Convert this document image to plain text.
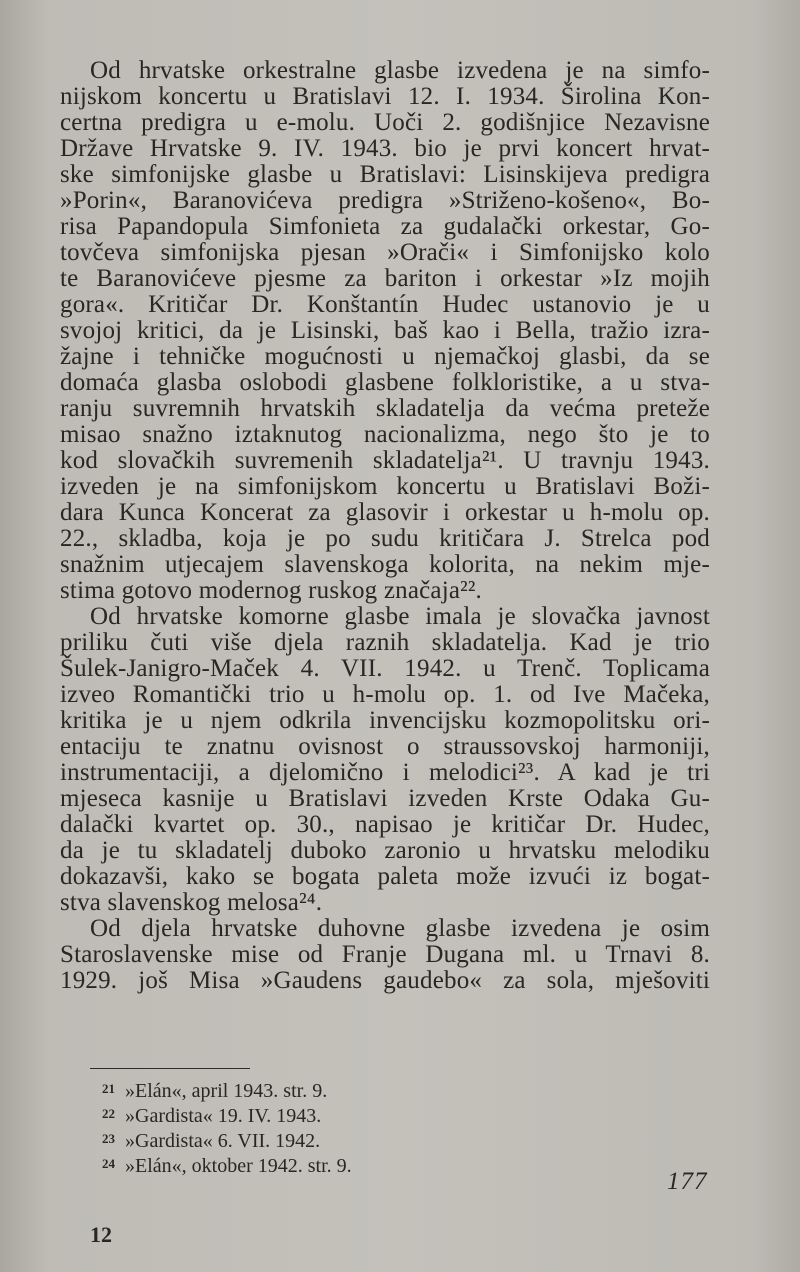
Od hrvatske orkestralne glasbe izvedena je na simfo-
nijskom koncertu u Bratislavi 12. I. 1934. Širolina Kon-
certna predigra u e-molu. Uoči 2. godišnjice Nezavisne
Države Hrvatske 9. IV. 1943. bio je prvi koncert hrvat-
ske simfonijske glasbe u Bratislavi: Lisinskijeva predigra
»Porin«, Baranovićeva predigra »Striženo-košeno«, Bo-
risa Papandopula Simfonieta za gudalački orkestar, Go-
tovčeva simfonijska pjesan »Orači« i Simfonijsko kolo
te Baranovićeve pjesme za bariton i orkestar »Iz mojih
gora«. Kritičar Dr. Konštantín Hudec ustanovio je u
svojoj kritici, da je Lisinski, baš kao i Bella, tražio izra-
žajne i tehničke mogućnosti u njemačkoj glasbi, da se
domaća glasba oslobodi glasbene folkloristike, a u stva-
ranju suvremnih hrvatskih skladatelja da većma preteže
misao snažno iztaknutog nacionalizma, nego što je to
kod slovačkih suvremenih skladatelja²¹. U travnju 1943.
izveden je na simfonijskom koncertu u Bratislavi Boži-
dara Kunca Koncerat za glasovir i orkestar u h-molu op.
22., skladba, koja je po sudu kritičara J. Strelca pod
snažnim utjecajem slavenskoga kolorita, na nekim mje-
stima gotovo modernog ruskog značaja²².
Od hrvatske komorne glasbe imala je slovačka javnost
priliku čuti više djela raznih skladatelja. Kad je trio
Šulek-Janigro-Maček 4. VII. 1942. u Trenč. Toplicama
izveo Romantički trio u h-molu op. 1. od Ive Mačeka,
kritika je u njem odkrila invencijsku kozmopolitsku ori-
entaciju te znatnu ovisnost o straussovskoj harmoniji,
instrumentaciji, a djelomično i melodici²³. A kad je tri
mjeseca kasnije u Bratislavi izveden Krste Odaka Gu-
dalački kvartet op. 30., napisao je kritičar Dr. Hudec,
da je tu skladatelj duboko zaronio u hrvatsku melodiku
dokazavši, kako se bogata paleta može izvući iz bogat-
stva slavenskog melosa²⁴.
Od djela hrvatske duhovne glasbe izvedena je osim
Staroslavenske mise od Franje Dugana ml. u Trnavi 8.
1929. još Misa »Gaudens gaudebo« za sola, mješoviti
21 »Elán«, april 1943. str. 9.
22 »Gardista« 19. IV. 1943.
23 »Gardista« 6. VII. 1942.
24 »Elán«, oktober 1942. str. 9.
177
12
